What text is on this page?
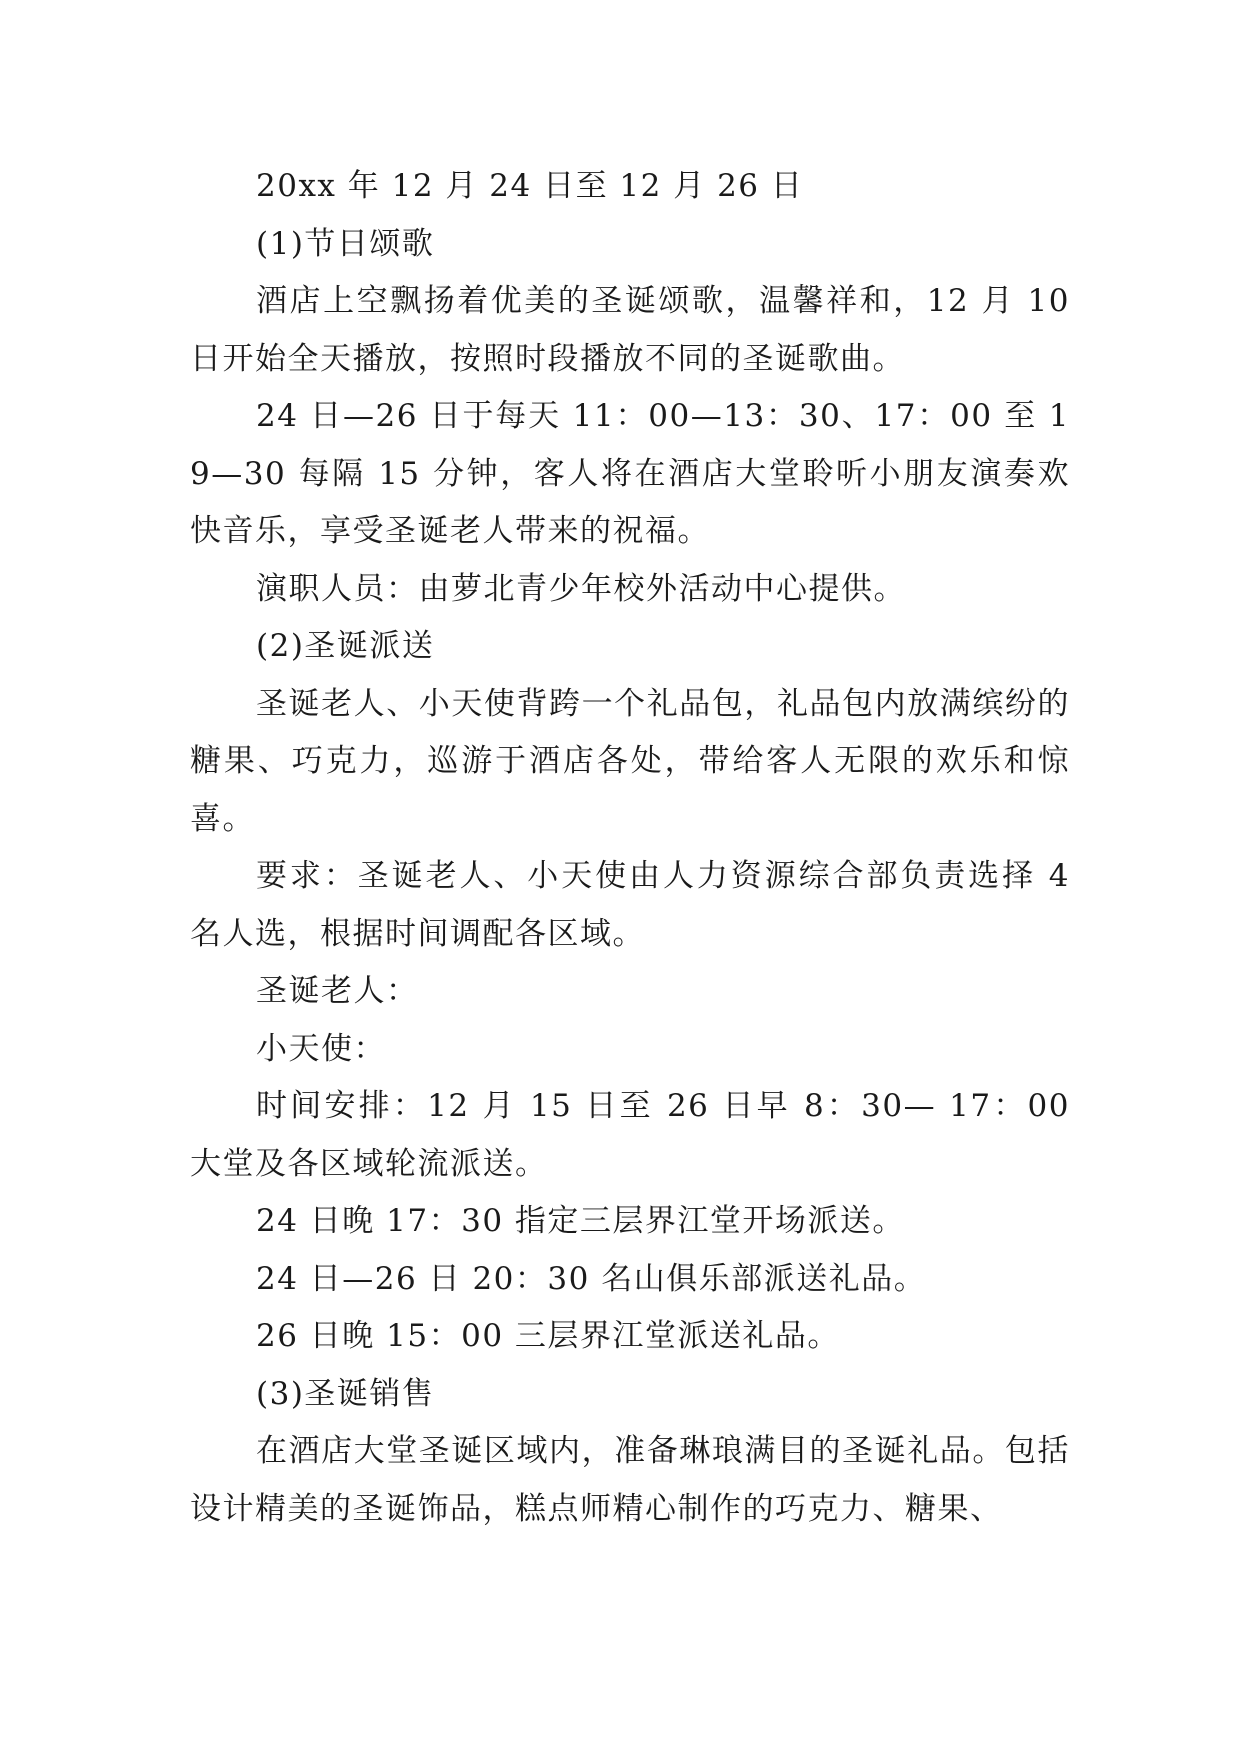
20xx 年 12 月 24 日至 12 月 26 日

(1)节日颂歌

酒店上空飘扬着优美的圣诞颂歌，温馨祥和，12 月 10 日开始全天播放，按照时段播放不同的圣诞歌曲。

24 日—26 日于每天 11：00—13：30、17：00 至 19—30 每隔 15 分钟，客人将在酒店大堂聆听小朋友演奏欢快音乐，享受圣诞老人带来的祝福。

演职人员：由萝北青少年校外活动中心提供。

(2)圣诞派送

圣诞老人、小天使背跨一个礼品包，礼品包内放满缤纷的糖果、巧克力，巡游于酒店各处，带给客人无限的欢乐和惊喜。

要求：圣诞老人、小天使由人力资源综合部负责选择 4 名人选，根据时间调配各区域。

圣诞老人：

小天使：

时间安排：12 月 15 日至 26 日早 8：30— 17：00 大堂及各区域轮流派送。

24 日晚 17：30 指定三层界江堂开场派送。

24 日—26 日 20：30 名山俱乐部派送礼品。

26 日晚 15：00 三层界江堂派送礼品。

(3)圣诞销售

在酒店大堂圣诞区域内，准备琳琅满目的圣诞礼品。包括设计精美的圣诞饰品，糕点师精心制作的巧克力、糖果、
